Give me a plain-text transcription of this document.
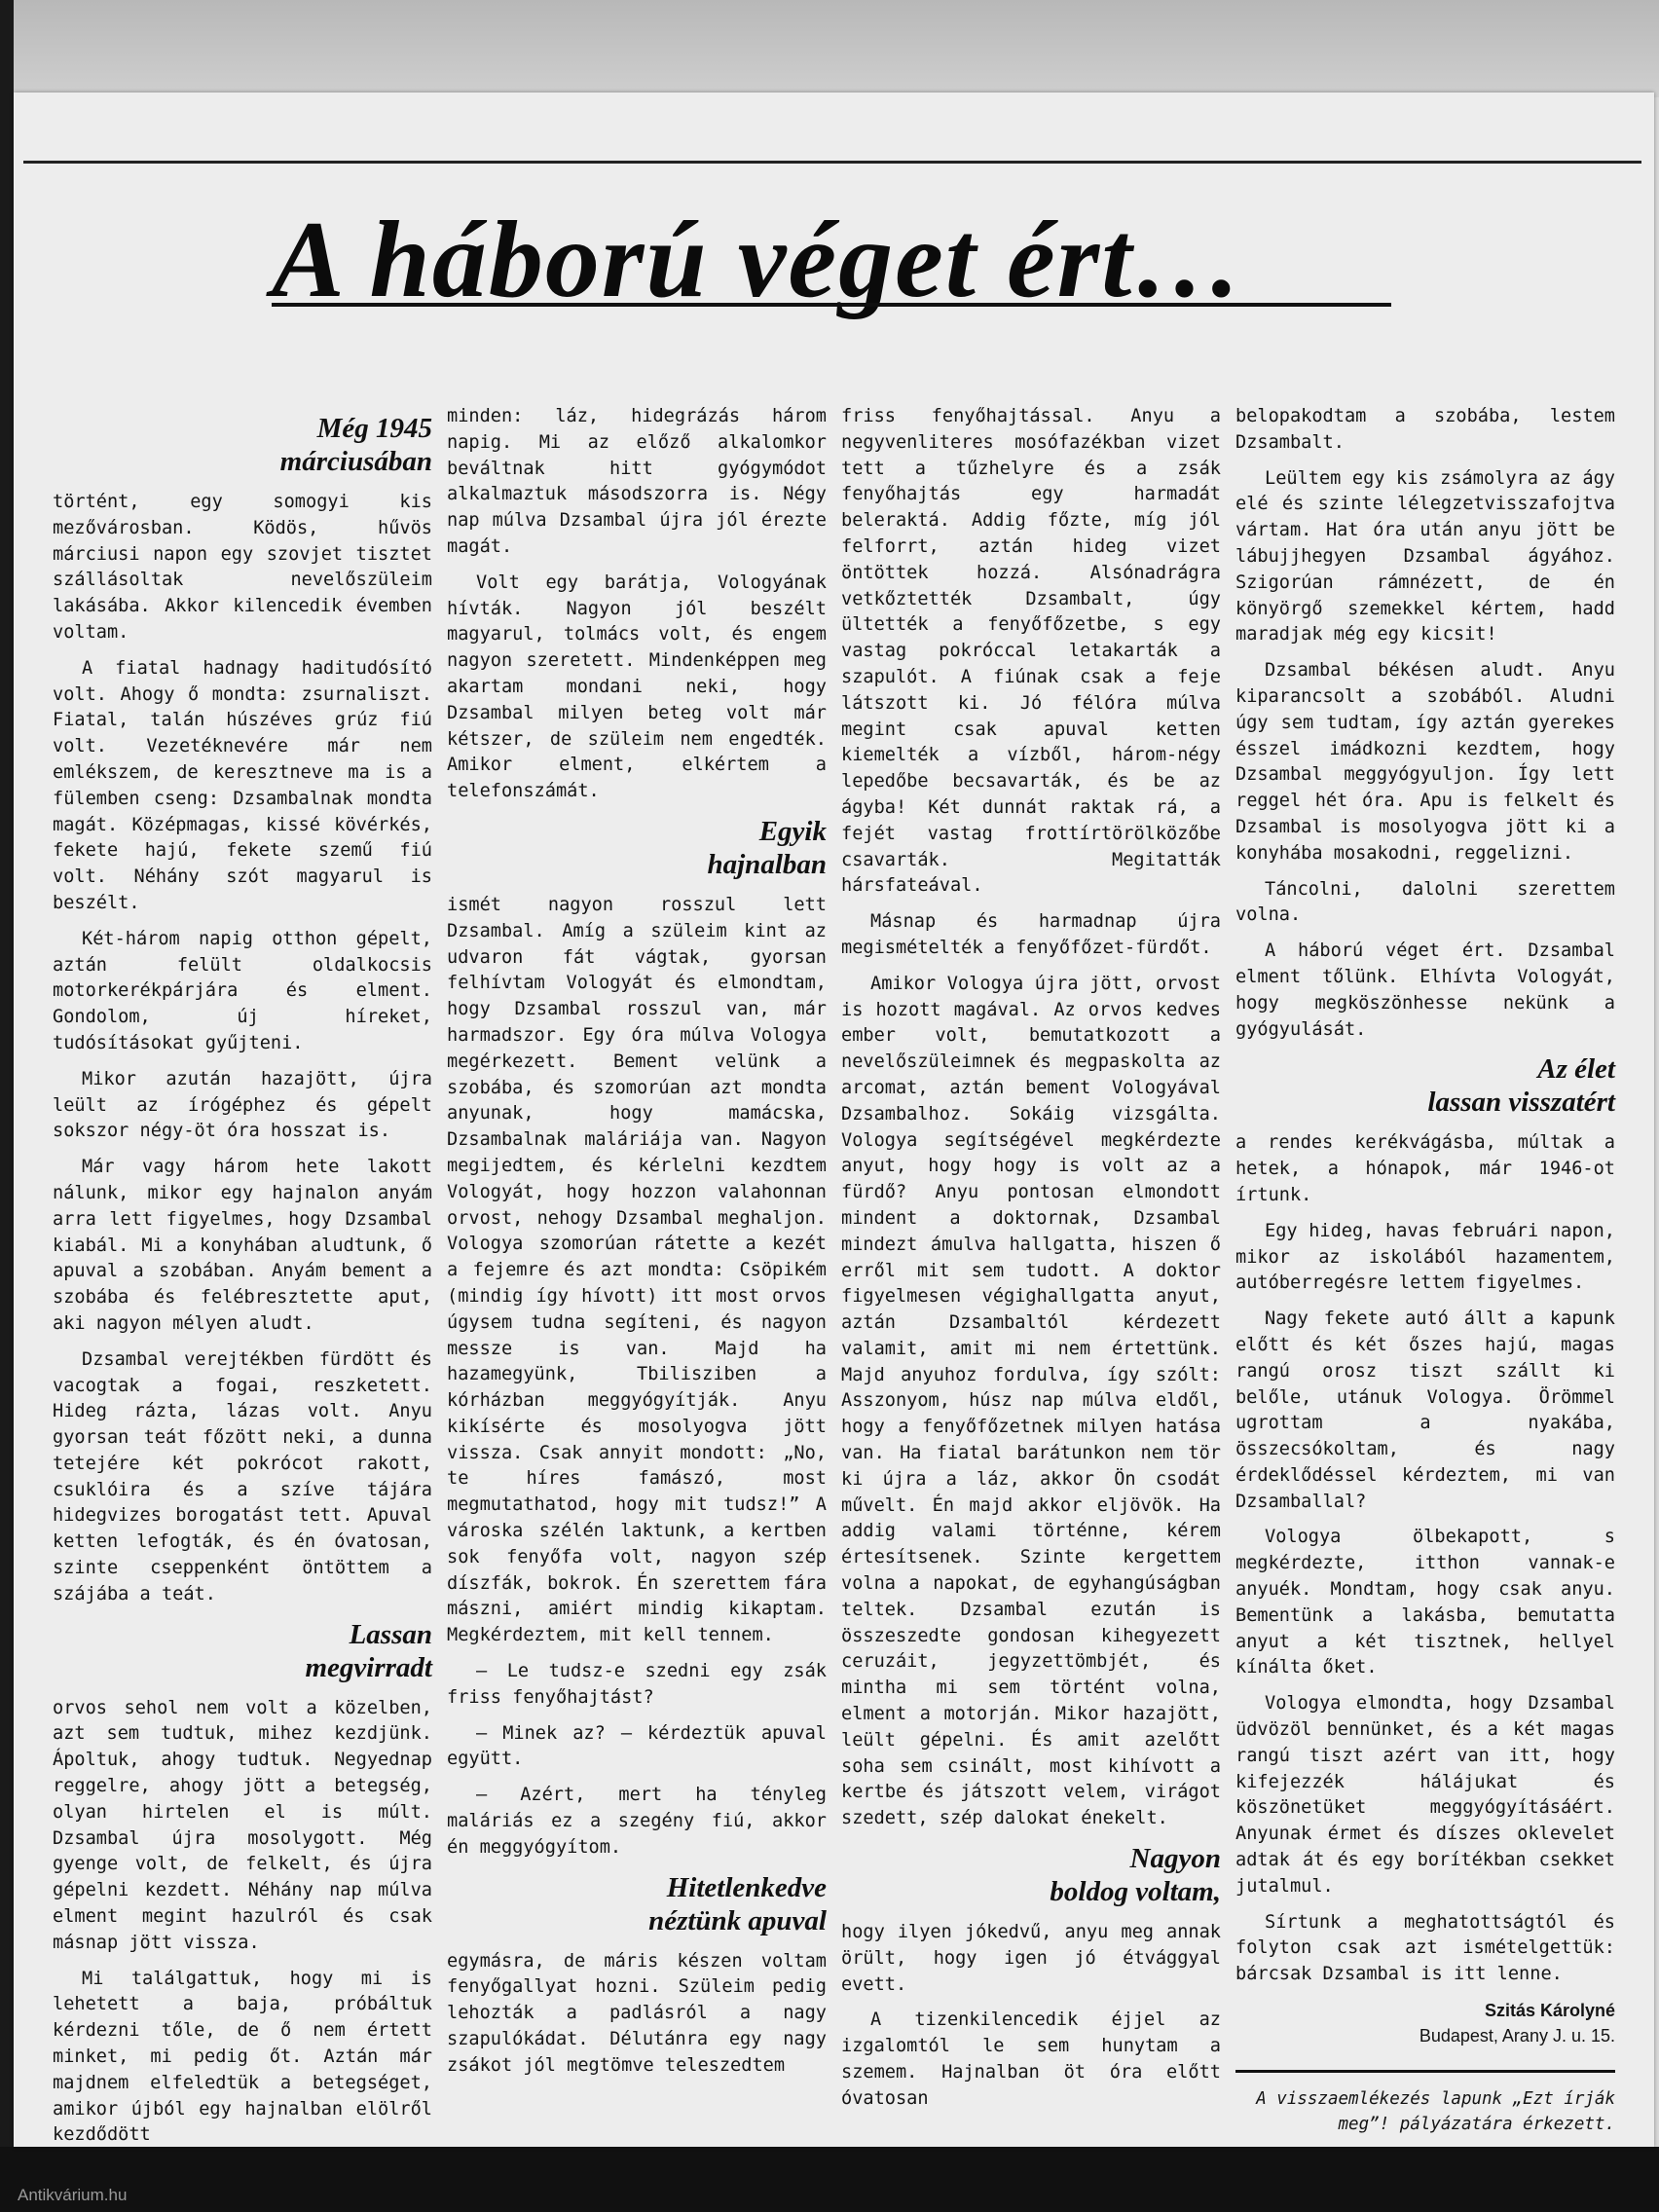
A háború véget ért…
Még 1945
márciusában

történt, egy somogyi kis mezővárosban. Ködös, hűvös márciusi napon egy szovjet tisztet szállásoltak nevelőszüleim lakásába. Akkor kilencedik évemben voltam.

A fiatal hadnagy haditudósító volt. Ahogy ő mondta: zsurnaliszt. Fiatal, talán húszéves grúz fiú volt. Vezetéknevére már nem emlékszem, de keresztneve ma is a fülemben cseng: Dzsambalnak mondta magát. Középmagas, kissé kövérkés, fekete hajú, fekete szemű fiú volt. Néhány szót magyarul is beszélt.

Két-három napig otthon gépelt, aztán felült oldalkocsis motorkerékpárjára és elment. Gondolom, új híreket, tudósításokat gyűjteni.

Mikor azután hazajött, újra leült az írógéphez és gépelt sokszor négy-öt óra hosszat is.

Már vagy három hete lakott nálunk, mikor egy hajnalon anyám arra lett figyelmes, hogy Dzsambal kiabál. Mi a konyhában aludtunk, ő apuval a szobában. Anyám bement a szobába és felébresztette aput, aki nagyon mélyen aludt.

Dzsambal verejtékben fürdött és vacogtak a fogai, reszketett. Hideg rázta, lázas volt. Anyu gyorsan teát főzött neki, a dunna tetejére két pokrócot rakott, csuklóira és a szíve tájára hidegvizes borogatást tett. Apuval ketten lefogták, és én óvatosan, szinte cseppenként öntöttem a szájába a teát.

Lassan
megvirradt

orvos sehol nem volt a közelben, azt sem tudtuk, mihez kezdjünk. Ápoltuk, ahogy tudtuk. Negyednap reggelre, ahogy jött a betegség, olyan hirtelen el is múlt. Dzsambal újra mosolygott. Még gyenge volt, de felkelt, és újra gépelni kezdett. Néhány nap múlva elment megint hazulról és csak másnap jött vissza.

Mi találgattuk, hogy mi is lehetett a baja, próbáltuk kérdezni tőle, de ő nem értett minket, mi pedig őt. Aztán már majdnem elfeledtük a betegséget, amikor újból egy hajnalban elölről kezdődött

minden: láz, hidegrázás három napig. Mi az előző alkalomkor beváltnak hitt gyógymódot alkalmaztuk másodszorra is. Négy nap múlva Dzsambal újra jól érezte magát.

Volt egy barátja, Vologyának hívták. Nagyon jól beszélt magyarul, tolmács volt, és engem nagyon szeretett. Mindenképpen meg akartam mondani neki, hogy Dzsambal milyen beteg volt már kétszer, de szüleim nem engedték. Amikor elment, elkértem a telefonszámát.

Egyik
hajnalban

ismét nagyon rosszul lett Dzsambal. Amíg a szüleim kint az udvaron fát vágtak, gyorsan felhívtam Vologyát és elmondtam, hogy Dzsambal rosszul van, már harmadszor. Egy óra múlva Vologya megérkezett. Bement velünk a szobába, és szomorúan azt mondta anyunak, hogy mamácska, Dzsambalnak maláriája van. Nagyon megijedtem, és kérlelni kezdtem Vologyát, hogy hozzon valahonnan orvost, nehogy Dzsambal meghaljon. Vologya szomorúan rátette a kezét a fejemre és azt mondta: Csöpikém (mindig így hívott) itt most orvos úgysem tudna segíteni, és nagyon messze is van. Majd ha hazamegyünk, Tbilisziben a kórházban meggyógyítják. Anyu kikísérte és mosolyogva jött vissza. Csak annyit mondott: „No, te híres famászó, most megmutathatod, hogy mit tudsz!” A városka szélén laktunk, a kertben sok fenyőfa volt, nagyon szép díszfák, bokrok. Én szerettem fára mászni, amiért mindig kikaptam. Megkérdeztem, mit kell tennem.

— Le tudsz-e szedni egy zsák friss fenyőhajtást?

— Minek az? — kérdeztük apuval együtt.

— Azért, mert ha tényleg maláriás ez a szegény fiú, akkor én meggyógyítom.

Hitetlenkedve
néztünk apuval

egymásra, de máris készen voltam fenyőgallyat hozni. Szüleim pedig lehozták a padlásról a nagy szapulókádat. Délutánra egy nagy zsákot jól megtömve teleszedtem

friss fenyőhajtással. Anyu a negyvenliteres mosófazékban vizet tett a tűzhelyre és a zsák fenyőhajtás egy harmadát beleraktá. Addig főzte, míg jól felforrt, aztán hideg vizet öntöttek hozzá. Alsónadrágra vetkőztették Dzsambalt, úgy ültették a fenyőfőzetbe, s egy vastag pokróccal letakarták a szapulót. A fiúnak csak a feje látszott ki. Jó félóra múlva megint csak apuval ketten kiemelték a vízből, három-négy lepedőbe becsavarták, és be az ágyba! Két dunnát raktak rá, a fejét vastag frottírtörölközőbe csavarták. Megitatták hársfateával.

Másnap és harmadnap újra megismételték a fenyőfőzet-fürdőt.

Amikor Vologya újra jött, orvost is hozott magával. Az orvos kedves ember volt, bemutatkozott a nevelőszüleimnek és megpaskolta az arcomat, aztán bement Vologyával Dzsambalhoz. Sokáig vizsgálta. Vologya segítségével megkérdezte anyut, hogy hogy is volt az a fürdő? Anyu pontosan elmondott mindent a doktornak, Dzsambal mindezt ámulva hallgatta, hiszen ő erről mit sem tudott. A doktor figyelmesen végighallgatta anyut, aztán Dzsambaltól kérdezett valamit, amit mi nem értettünk. Majd anyuhoz fordulva, így szólt: Asszonyom, húsz nap múlva eldől, hogy a fenyőfőzetnek milyen hatása van. Ha fiatal barátunkon nem tör ki újra a láz, akkor Ön csodát művelt. Én majd akkor eljövök. Ha addig valami történne, kérem értesítsenek. Szinte kergettem volna a napokat, de egyhangúságban teltek. Dzsambal ezután is összeszedte gondosan kihegyezett ceruzáit, jegyzettömbjét, és mintha mi sem történt volna, elment a motorján. Mikor hazajött, leült gépelni. És amit azelőtt soha sem csinált, most kihívott a kertbe és játszott velem, virágot szedett, szép dalokat énekelt.

Nagyon
boldog voltam,

hogy ilyen jókedvű, anyu meg annak örült, hogy igen jó étvággyal evett.

A tizenkilencedik éjjel az izgalomtól le sem hunytam a szemem. Hajnalban öt óra előtt óvatosan

belopakodtam a szobába, lestem Dzsambalt.

Leültem egy kis zsámolyra az ágy elé és szinte lélegzetvisszafojtva vártam. Hat óra után anyu jött be lábujjhegyen Dzsambal ágyához. Szigorúan rámnézett, de én könyörgő szemekkel kértem, hadd maradjak még egy kicsit!

Dzsambal békésen aludt. Anyu kiparancsolt a szobából. Aludni úgy sem tudtam, így aztán gyerekes ésszel imádkozni kezdtem, hogy Dzsambal meggyógyuljon. Így lett reggel hét óra. Apu is felkelt és Dzsambal is mosolyogva jött ki a konyhába mosakodni, reggelizni.

Táncolni, dalolni szerettem volna.

A háború véget ért. Dzsambal elment tőlünk. Elhívta Vologyát, hogy megköszönhesse nekünk a gyógyulását.

Az élet
lassan visszatért

a rendes kerékvágásba, múltak a hetek, a hónapok, már 1946-ot írtunk.

Egy hideg, havas februári napon, mikor az iskolából hazamentem, autóberregésre lettem figyelmes.

Nagy fekete autó állt a kapunk előtt és két őszes hajú, magas rangú orosz tiszt szállt ki belőle, utánuk Vologya. Örömmel ugrottam a nyakába, összecsókoltam, és nagy érdeklődéssel kérdeztem, mi van Dzsamballal?

Vologya ölbekapott, s megkérdezte, itthon vannak-e anyuék. Mondtam, hogy csak anyu. Bementünk a lakásba, bemutatta anyut a két tisztnek, hellyel kínálta őket.

Vologya elmondta, hogy Dzsambal üdvözöl bennünket, és a két magas rangú tiszt azért van itt, hogy kifejezzék hálájukat és köszönetüket meggyógyításáért. Anyunak érmet és díszes oklevelet adtak át és egy borítékban csekket jutalmul.

Sírtunk a meghatottságtól és folyton csak azt ismételgettük: bárcsak Dzsambal is itt lenne.

Szitás Károlyné
Budapest, Arany J. u. 15.
A visszaemlékezés lapunk „Ezt írják meg”! pályázatára érkezett.
Antikvárium.hu
